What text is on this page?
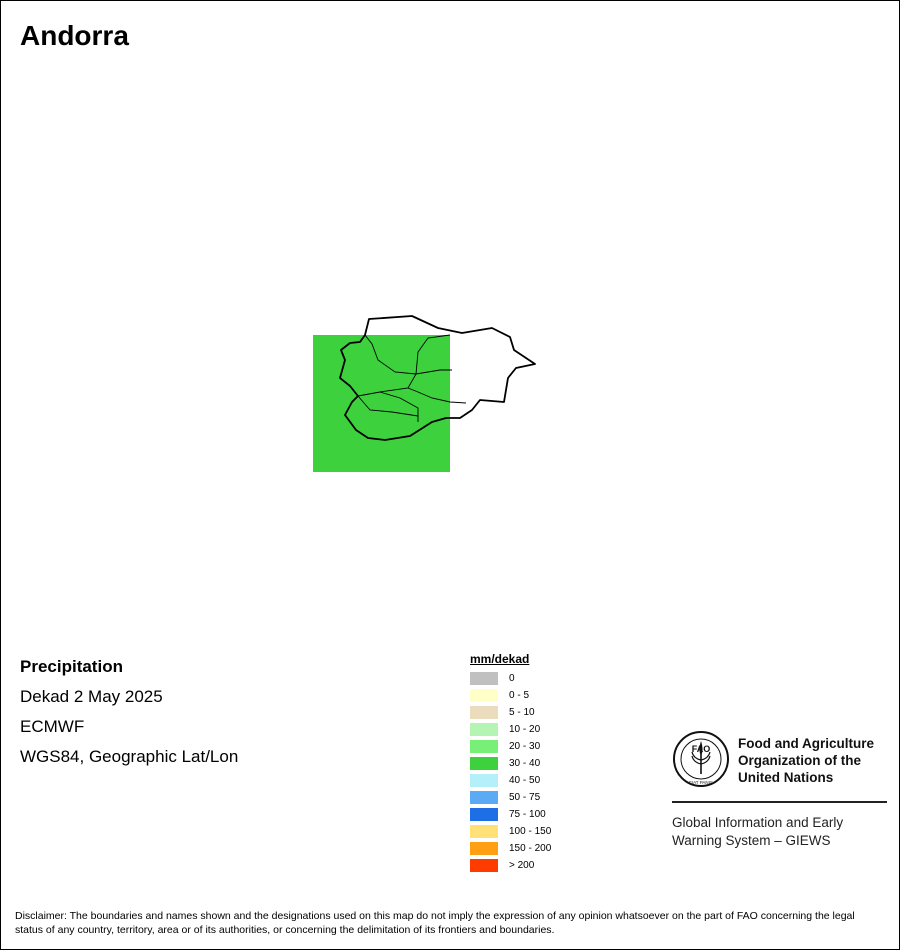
Andorra
Precipitation
Dekad 2 May 2025
ECMWF
WGS84, Geographic Lat/Lon
mm/dekad
0
0 - 5
5 - 10
10 - 20
20 - 30
30 - 40
40 - 50
50 - 75
75 - 100
100 - 150
150 - 200
> 200
FAO
FIAT PANIS
Food and Agriculture
Organization of the
United Nations
Global Information and Early
Warning System – GIEWS
Disclaimer: The boundaries and names shown and the designations used on this map do not imply the expression of any opinion whatsoever on the part of FAO concerning the legal status of any country, territory, area or of its authorities, or concerning the delimitation of its frontiers and boundaries.
